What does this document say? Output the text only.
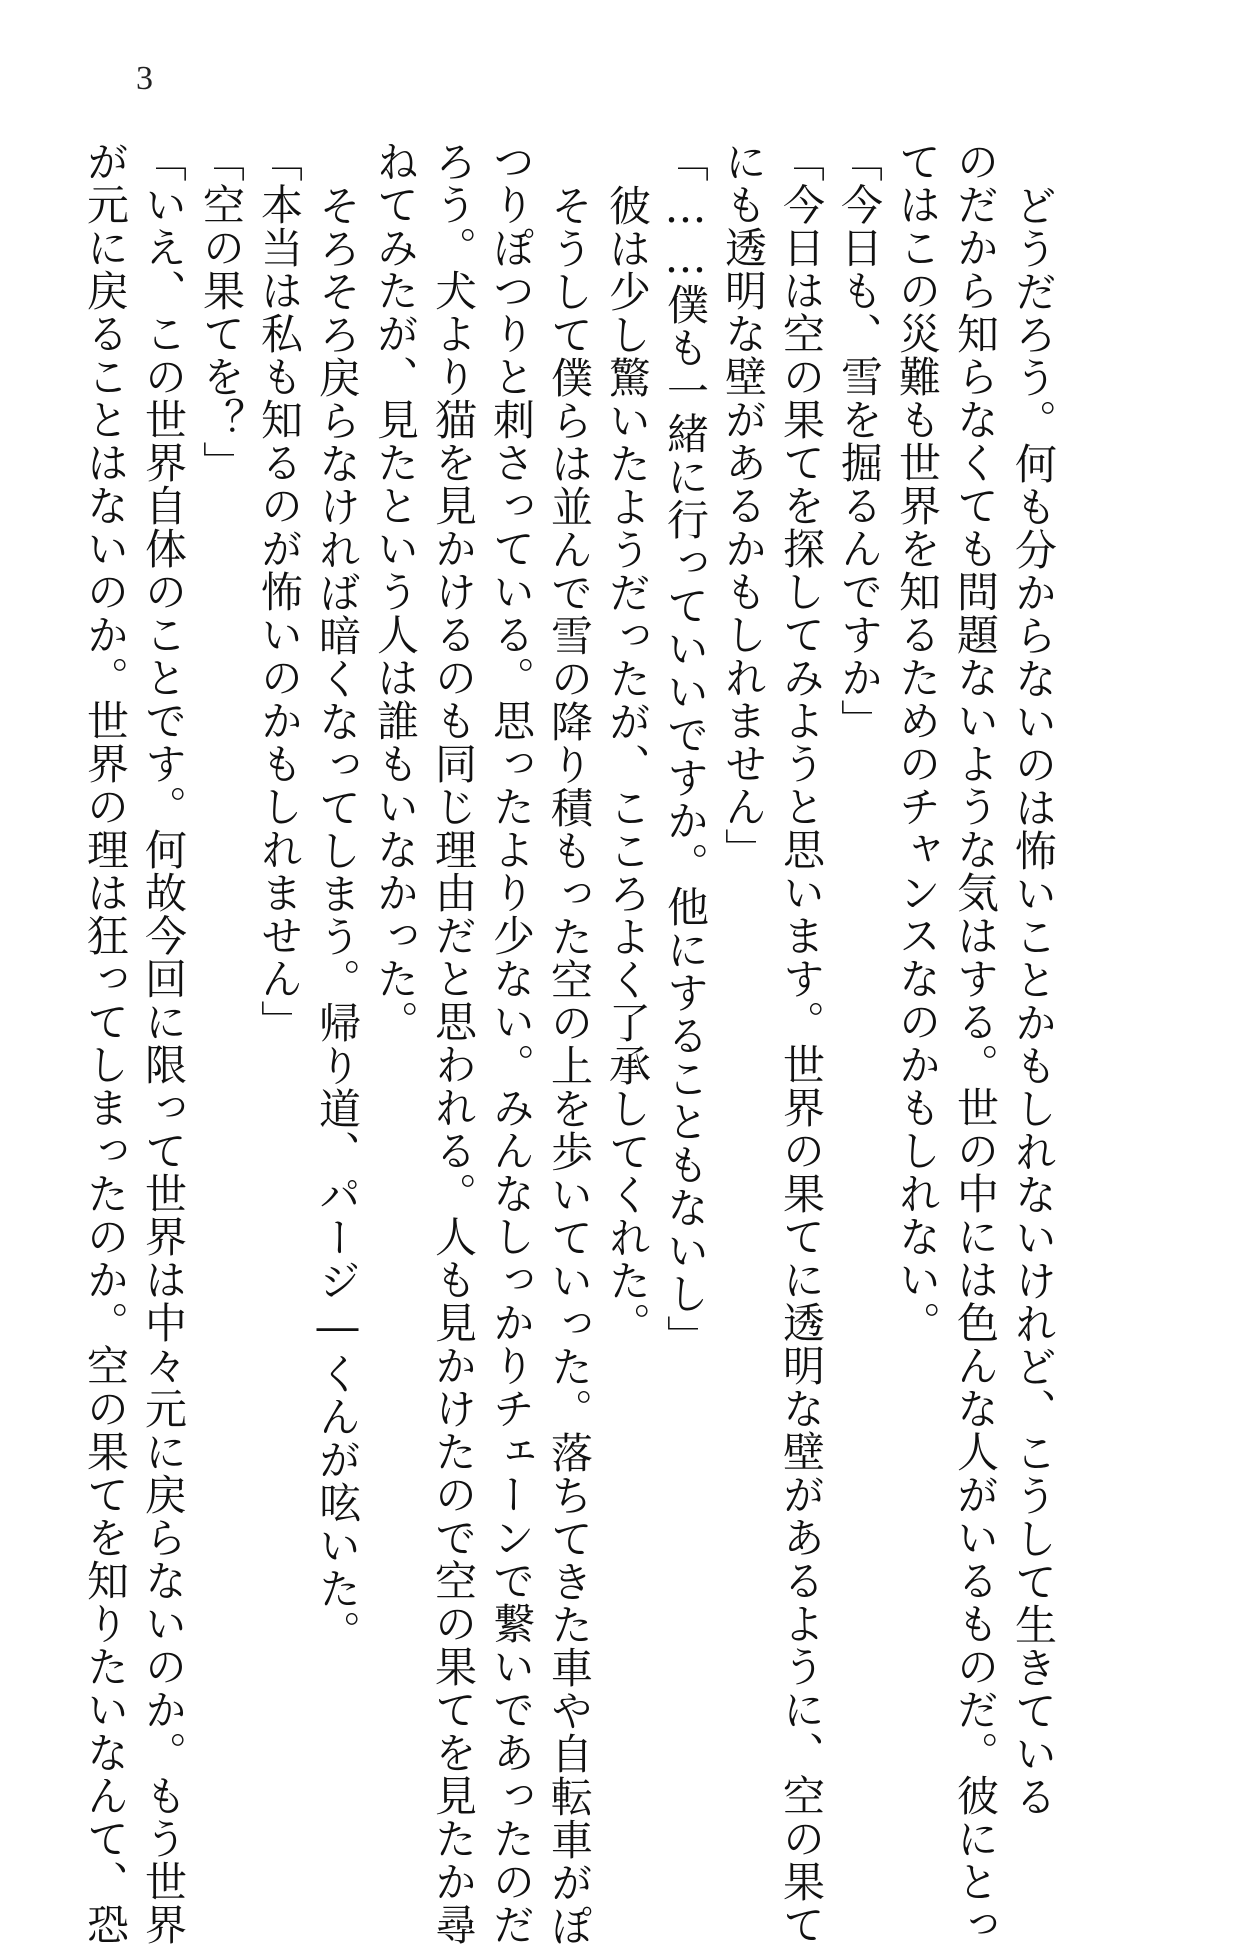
3
どうだろう。何も分からないのは怖いことかもしれないけれど、こうして生きている
のだから知らなくても問題ないような気はする。世の中には色んな人がいるものだ。彼にとっ
てはこの災難も世界を知るためのチャンスなのかもしれない。
「今日も、雪を掘るんですか」
「今日は空の果てを探してみようと思います。世界の果てに透明な壁があるように、空の果て
にも透明な壁があるかもしれません」
「……僕も一緒に行っていいですか。他にすることもないし」
彼は少し驚いたようだったが、こころよく了承してくれた。
そうして僕らは並んで雪の降り積もった空の上を歩いていった。落ちてきた車や自転車がぽ
つりぽつりと刺さっている。思ったより少ない。みんなしっかりチェーンで繋いであったのだ
ろう。犬より猫を見かけるのも同じ理由だと思われる。人も見かけたので空の果てを見たか尋
ねてみたが、見たという人は誰もいなかった。
そろそろ戻らなければ暗くなってしまう。帰り道、パージ―くんが呟いた。
「本当は私も知るのが怖いのかもしれません」
「空の果てを？」
「いえ、この世界自体のことです。何故今回に限って世界は中々元に戻らないのか。もう世界
が元に戻ることはないのか。世界の理は狂ってしまったのか。空の果てを知りたいなんて、恐
